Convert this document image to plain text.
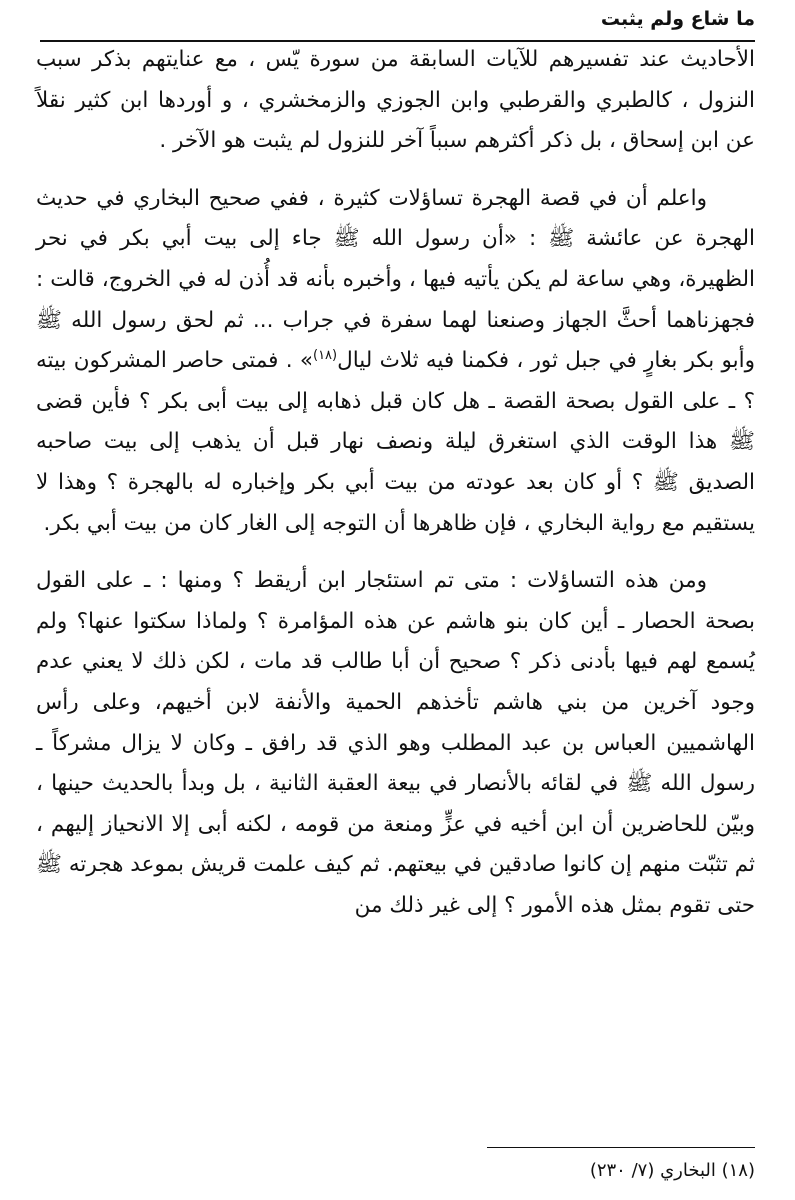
ما شاع ولم يثبت

الأحاديث عند تفسيرهم للآيات السابقة من سورة يّس ، مع عنايتهم بذكر سبب النزول ، كالطبري والقرطبي وابن الجوزي والزمخشري ، و أوردها ابن كثير نقلاً عن ابن إسحاق ، بل ذكر أكثرهم سبباً آخر للنزول لم يثبت هو الآخر .

واعلم أن في قصة الهجرة تساؤلات كثيرة ، ففي صحيح البخاري في حديث الهجرة عن عائشة ﷺ : «أن رسول الله ﷺ جاء إلى بيت أبي بكر في نحر الظهيرة، وهي ساعة لم يكن يأتيه فيها ، وأخبره بأنه قد أُذن له في الخروج، قالت : فجهزناهما أحثَّ الجهاز وصنعنا لهما سفرة في جراب ... ثم لحق رسول الله ﷺ وأبو بكر بغارٍ في جبل ثور ، فكمنا فيه ثلاث ليال$^{(١٨)}$» . فمتى حاصر المشركون بيته ؟ ـ على القول بصحة القصة ـ هل كان قبل ذهابه إلى بيت أبى بكر ؟ فأين قضى ﷺ هذا الوقت الذي استغرق ليلة ونصف نهار قبل أن يذهب إلى بيت صاحبه الصديق ﷺ ؟ أو كان بعد عودته من بيت أبي بكر وإخباره له بالهجرة ؟ وهذا لا يستقيم مع رواية البخاري ، فإن ظاهرها أن التوجه إلى الغار كان من بيت أبي بكر.

ومن هذه التساؤلات : متى تم استئجار ابن أريقط ؟ ومنها : ـ على القول بصحة الحصار ـ أين كان بنو هاشم عن هذه المؤامرة ؟ ولماذا سكتوا عنها؟ ولم يُسمع لهم فيها بأدنى ذكر ؟ صحيح أن أبا طالب قد مات ، لكن ذلك لا يعني عدم وجود آخرين من بني هاشم تأخذهم الحمية والأنفة لابن أخيهم، وعلى رأس الهاشميين العباس بن عبد المطلب وهو الذي قد رافق ـ وكان لا يزال مشركاً ـ رسول الله ﷺ في لقائه بالأنصار في بيعة العقبة الثانية ، بل وبدأ بالحديث حينها ، وبيّن للحاضرين أن ابن أخيه في عزٍّ ومنعة من قومه ، لكنه أبى إلا الانحياز إليهم ، ثم تثبّت منهم إن كانوا صادقين في بيعتهم. ثم كيف علمت قريش بموعد هجرته ﷺ حتى تقوم بمثل هذه الأمور ؟ إلى غير ذلك من

(١٨) البخاري (٧/ ٢٣٠)
